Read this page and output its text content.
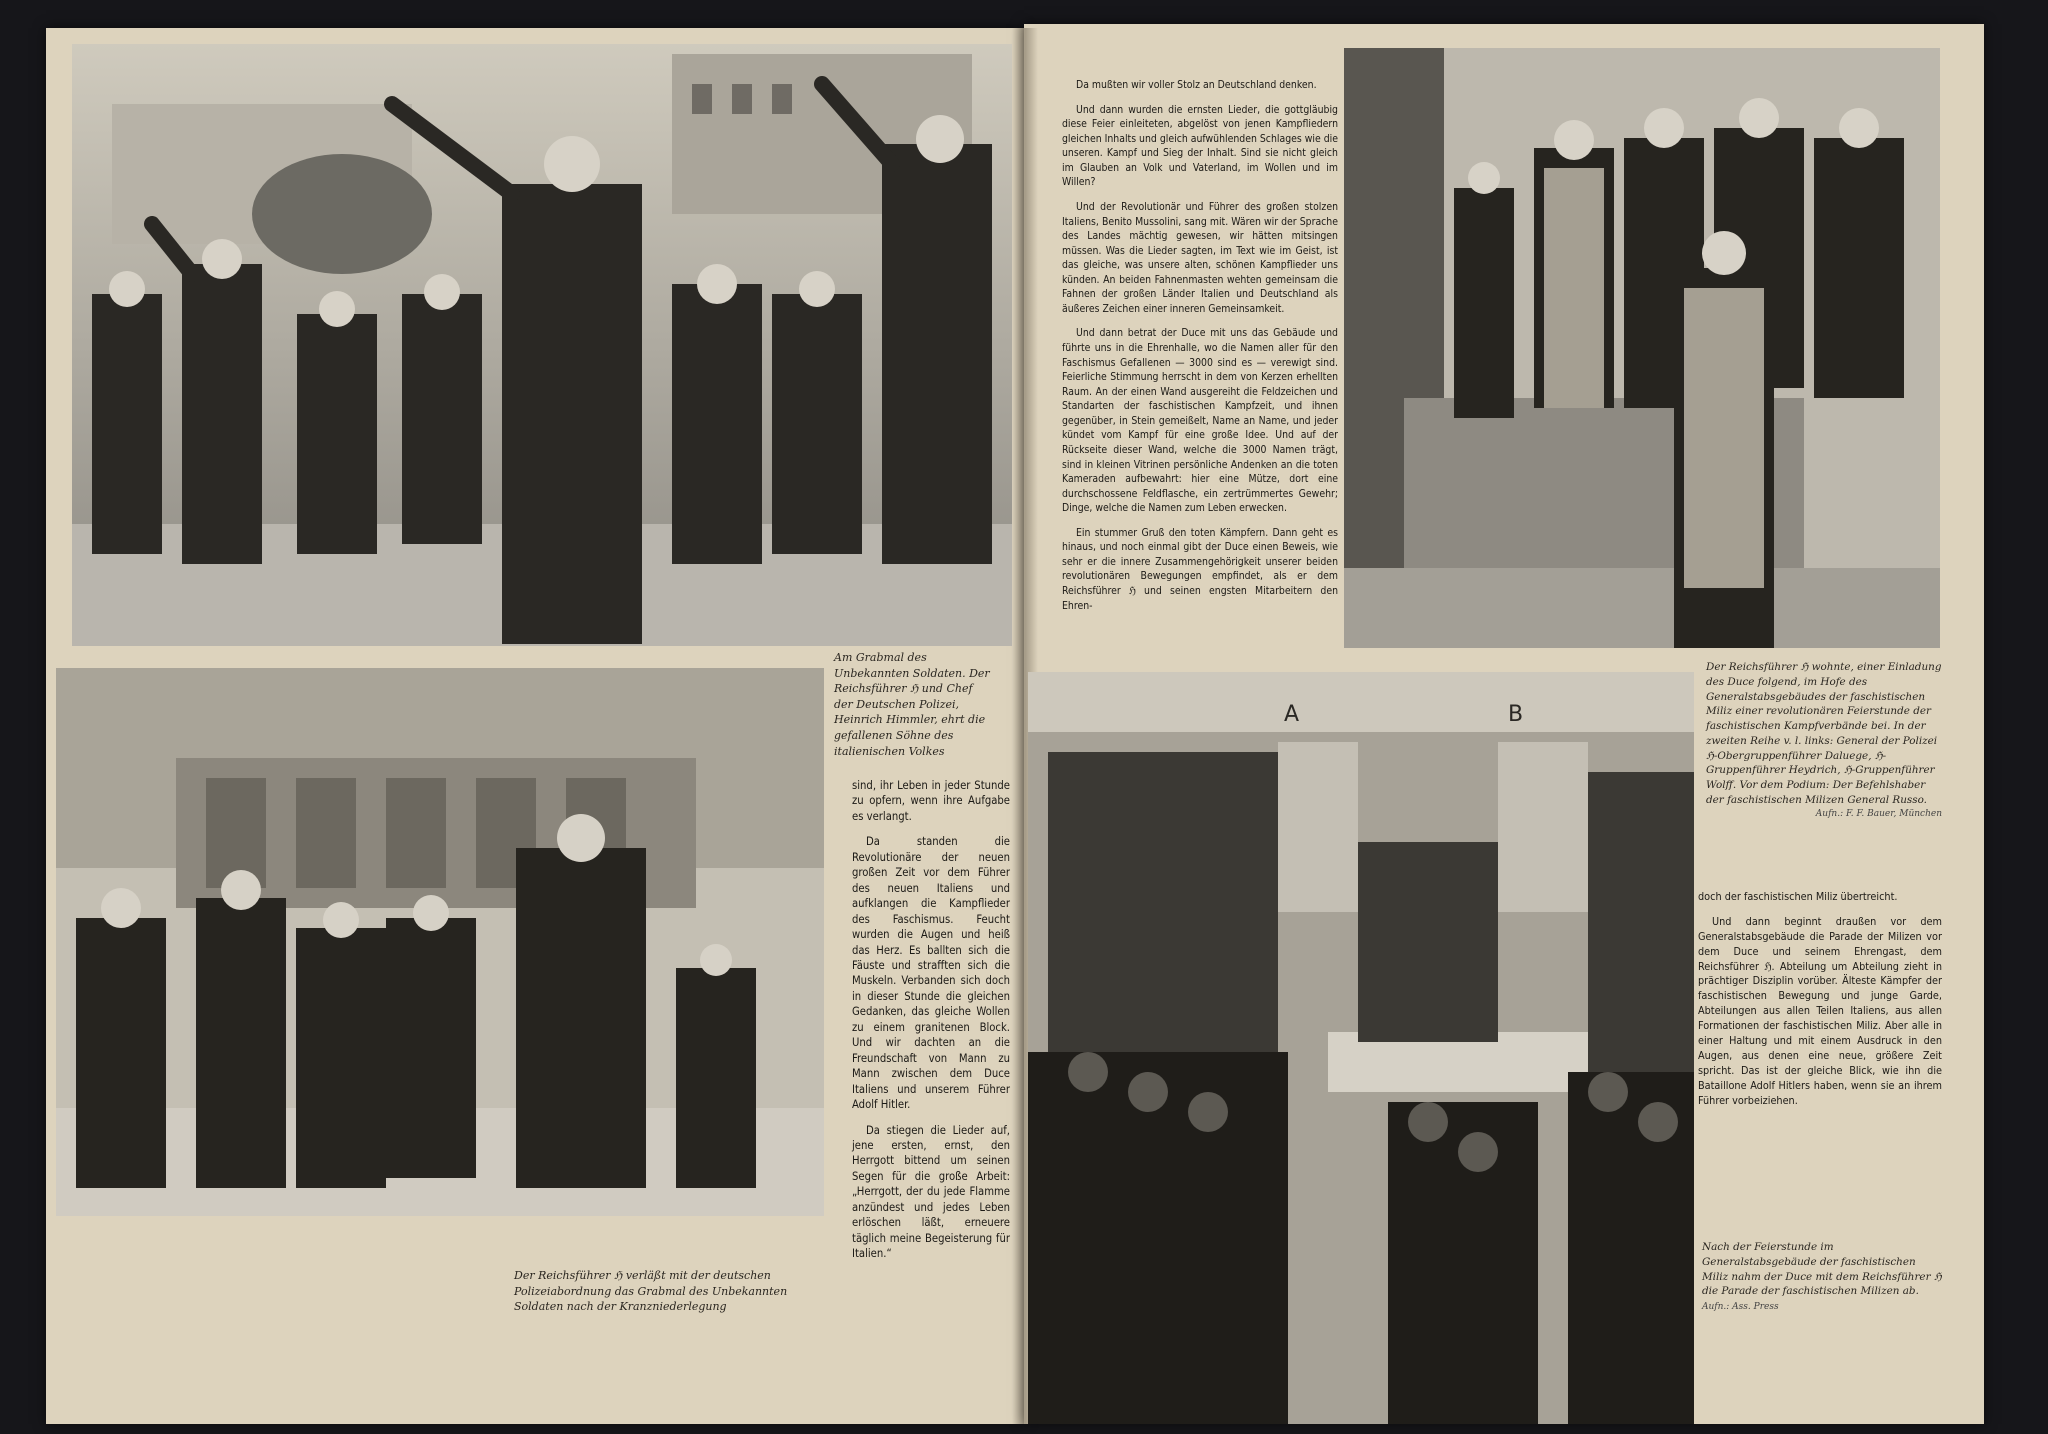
Am Grabmal des Unbekannten Soldaten. Der Reichsführer ℌ und Chef der Deutschen Polizei, Heinrich Himmler, ehrt die gefallenen Söhne des italienischen Volkes

sind, ihr Leben in jeder Stunde zu opfern, wenn ihre Aufgabe es verlangt.

Da standen die Revolutionäre der neuen großen Zeit vor dem Führer des neuen Italiens und aufklangen die Kampflieder des Faschismus. Feucht wurden die Augen und heiß das Herz. Es ballten sich die Fäuste und strafften sich die Muskeln. Verbanden sich doch in dieser Stunde die gleichen Gedanken, das gleiche Wollen zu einem granitenen Block. Und wir dachten an die Freundschaft von Mann zu Mann zwischen dem Duce Italiens und unserem Führer Adolf Hitler.

Da stiegen die Lieder auf, jene ersten, ernst, den Herrgott bittend um seinen Segen für die große Arbeit: „Herrgott, der du jede Flamme anzündest und jedes Leben erlöschen läßt, erneuere täglich meine Begeisterung für Italien.“

Der Reichsführer ℌ verläßt mit der deutschen Polizeiabordnung das Grabmal des Unbekannten Soldaten nach der Kranzniederlegung

Da mußten wir voller Stolz an Deutschland denken.

Und dann wurden die ernsten Lieder, die gottgläubig diese Feier einleiteten, abgelöst von jenen Kampfliedern gleichen Inhalts und gleich aufwühlenden Schlages wie die unseren. Kampf und Sieg der Inhalt. Sind sie nicht gleich im Glauben an Volk und Vaterland, im Wollen und im Willen?

Und der Revolutionär und Führer des großen stolzen Italiens, Benito Mussolini, sang mit. Wären wir der Sprache des Landes mächtig gewesen, wir hätten mitsingen müssen. Was die Lieder sagten, im Text wie im Geist, ist das gleiche, was unsere alten, schönen Kampflieder uns künden. An beiden Fahnenmasten wehten gemeinsam die Fahnen der großen Länder Italien und Deutschland als äußeres Zeichen einer inneren Gemeinsamkeit.

Und dann betrat der Duce mit uns das Gebäude und führte uns in die Ehrenhalle, wo die Namen aller für den Faschismus Gefallenen — 3000 sind es — verewigt sind. Feierliche Stimmung herrscht in dem von Kerzen erhellten Raum. An der einen Wand ausgereiht die Feldzeichen und Standarten der faschistischen Kampfzeit, und ihnen gegenüber, in Stein gemeißelt, Name an Name, und jeder kündet vom Kampf für eine große Idee. Und auf der Rückseite dieser Wand, welche die 3000 Namen trägt, sind in kleinen Vitrinen persönliche Andenken an die toten Kameraden aufbewahrt: hier eine Mütze, dort eine durchschossene Feldflasche, ein zertrümmertes Gewehr; Dinge, welche die Namen zum Leben erwecken.

Ein stummer Gruß den toten Kämpfern. Dann geht es hinaus, und noch einmal gibt der Duce einen Beweis, wie sehr er die innere Zusammengehörigkeit unserer beiden revolutionären Bewegungen empfindet, als er dem Reichsführer ℌ und seinen engsten Mitarbeitern den Ehren-

Der Reichsführer ℌ wohnte, einer Einladung des Duce folgend, im Hofe des Generalstabsgebäudes der faschistischen Miliz einer revolutionären Feierstunde der faschistischen Kampfverbände bei. In der zweiten Reihe v. l. links: General der Polizei ℌ-Obergruppenführer Daluege, ℌ-Gruppenführer Heydrich, ℌ-Gruppenführer Wolff. Vor dem Podium: Der Befehlshaber der faschistischen Milizen General Russo.
Aufn.: F. F. Bauer, München
A	B

doch der faschistischen Miliz übertreicht.

Und dann beginnt draußen vor dem Generalstabsgebäude die Parade der Milizen vor dem Duce und seinem Ehrengast, dem Reichsführer ℌ. Abteilung um Abteilung zieht in prächtiger Disziplin vorüber. Älteste Kämpfer der faschistischen Bewegung und junge Garde, Abteilungen aus allen Teilen Italiens, aus allen Formationen der faschistischen Miliz. Aber alle in einer Haltung und mit einem Ausdruck in den Augen, aus denen eine neue, größere Zeit spricht. Das ist der gleiche Blick, wie ihn die Bataillone Adolf Hitlers haben, wenn sie an ihrem Führer vorbeiziehen.

Nach der Feierstunde im Generalstabsgebäude der faschistischen Miliz nahm der Duce mit dem Reichsführer ℌ die Parade der faschistischen Milizen ab. Aufn.: Ass. Press
